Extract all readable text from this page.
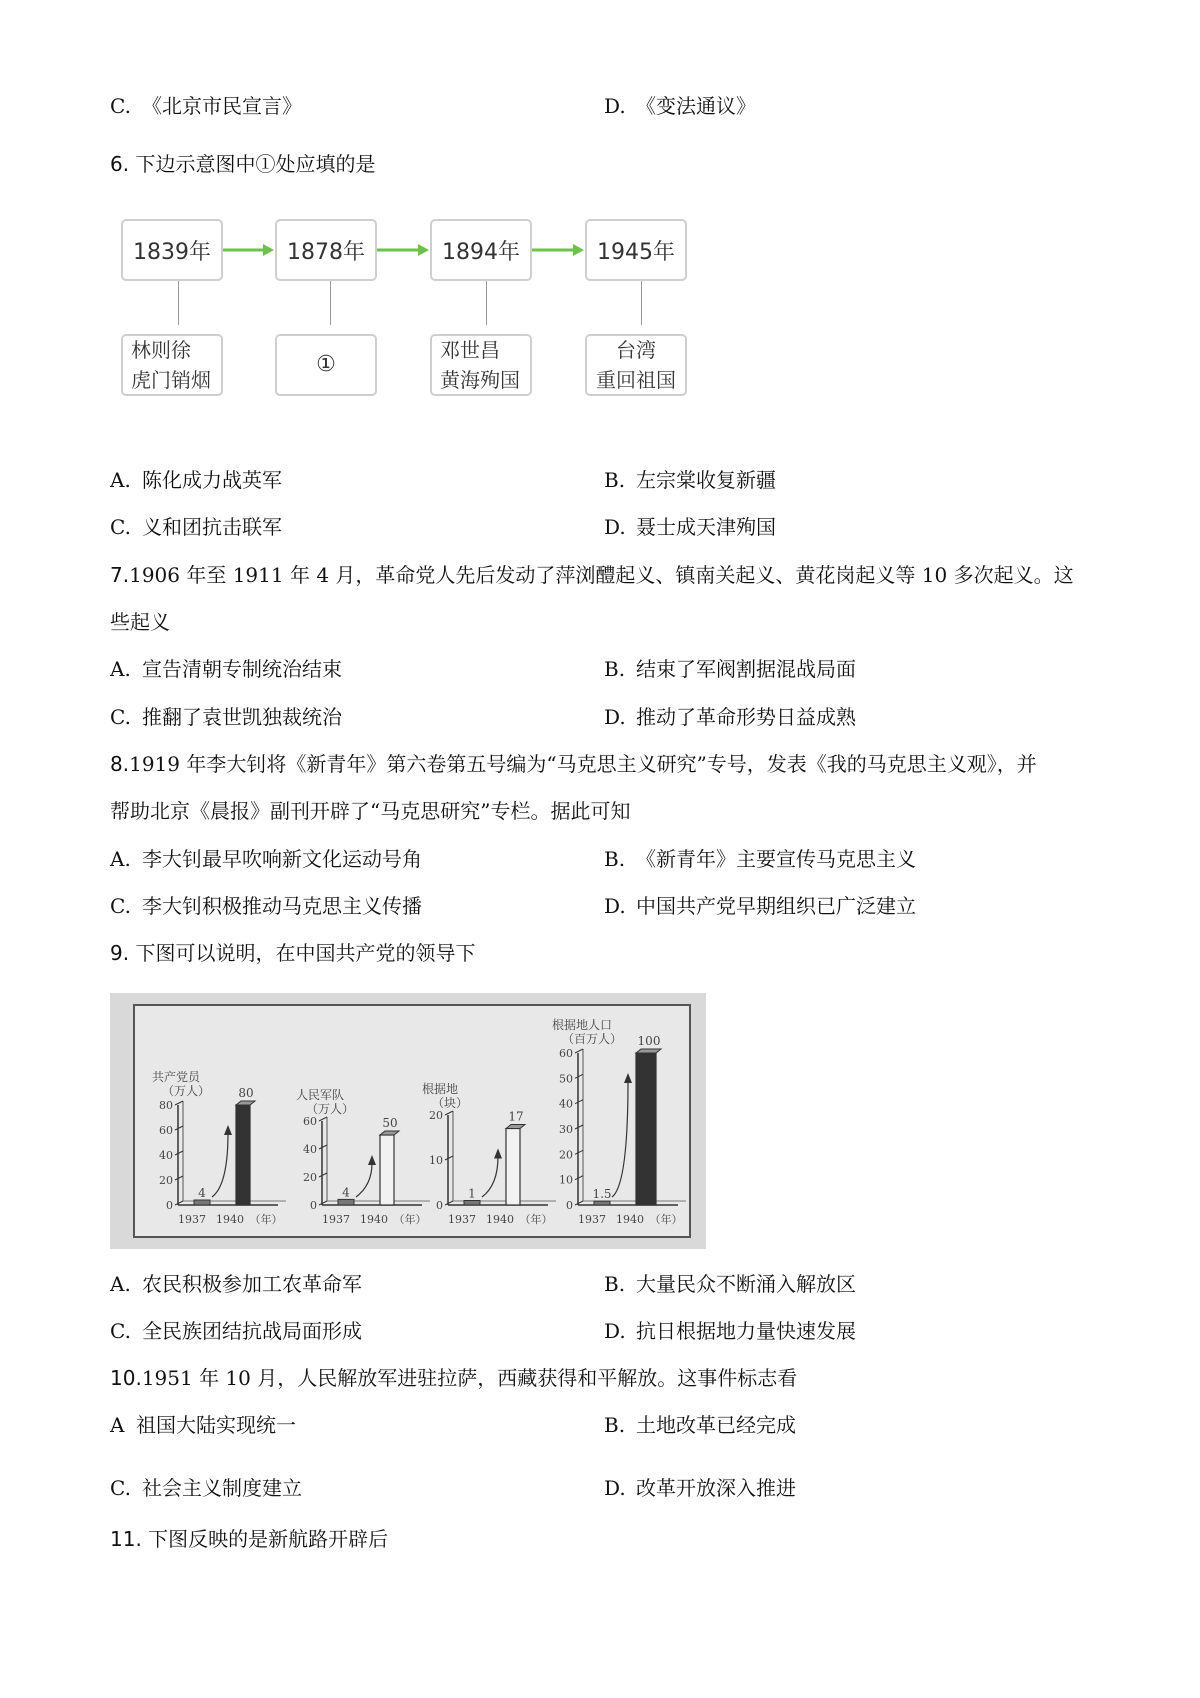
C. 《北京市民宣言》	D. 《变法通议》
6. 下边示意图中①处应填的是
1839年	1878年	1894年	1945年
林则徐
虎门销烟
①
邓世昌
黄海殉国
台湾
重回祖国
A. 陈化成力战英军	B. 左宗棠收复新疆
C. 义和团抗击联军	D. 聂士成天津殉国
7.1906 年至 1911 年 4 月，革命党人先后发动了萍浏醴起义、镇南关起义、黄花岗起义等 10 多次起义。这
些起义
A. 宣告清朝专制统治结束	B. 结束了军阀割据混战局面
C. 推翻了袁世凯独裁统治	D. 推动了革命形势日益成熟
8.1919 年李大钊将《新青年》第六卷第五号编为“马克思主义研究”专号，发表《我的马克思主义观》，并
帮助北京《晨报》副刊开辟了“马克思研究”专栏。据此可知
A. 李大钊最早吹响新文化运动号角	B. 《新青年》主要宣传马克思主义
C. 李大钊积极推动马克思主义传播	D. 中国共产党早期组织已广泛建立
9. 下图可以说明，在中国共产党的领导下
共产党员
（万人）
0
20
40
60
80
4
80
1937 1940 （年）
人民军队
（万人）
0
20
40
60
4
50
1937 1940 （年）
根据地
（块）
0
10
20
1
17
1937 1940 （年）
根据地人口
（百万人）
0
10
20
30
40
50
60
1.5
100
1937 1940 （年）
A. 农民积极参加工农革命军	B. 大量民众不断涌入解放区
C. 全民族团结抗战局面形成	D. 抗日根据地力量快速发展
10.1951 年 10 月，人民解放军进驻拉萨，西藏获得和平解放。这事件标志看
A 祖国大陆实现统一	B. 土地改革已经完成
C. 社会主义制度建立	D. 改革开放深入推进
11. 下图反映的是新航路开辟后
